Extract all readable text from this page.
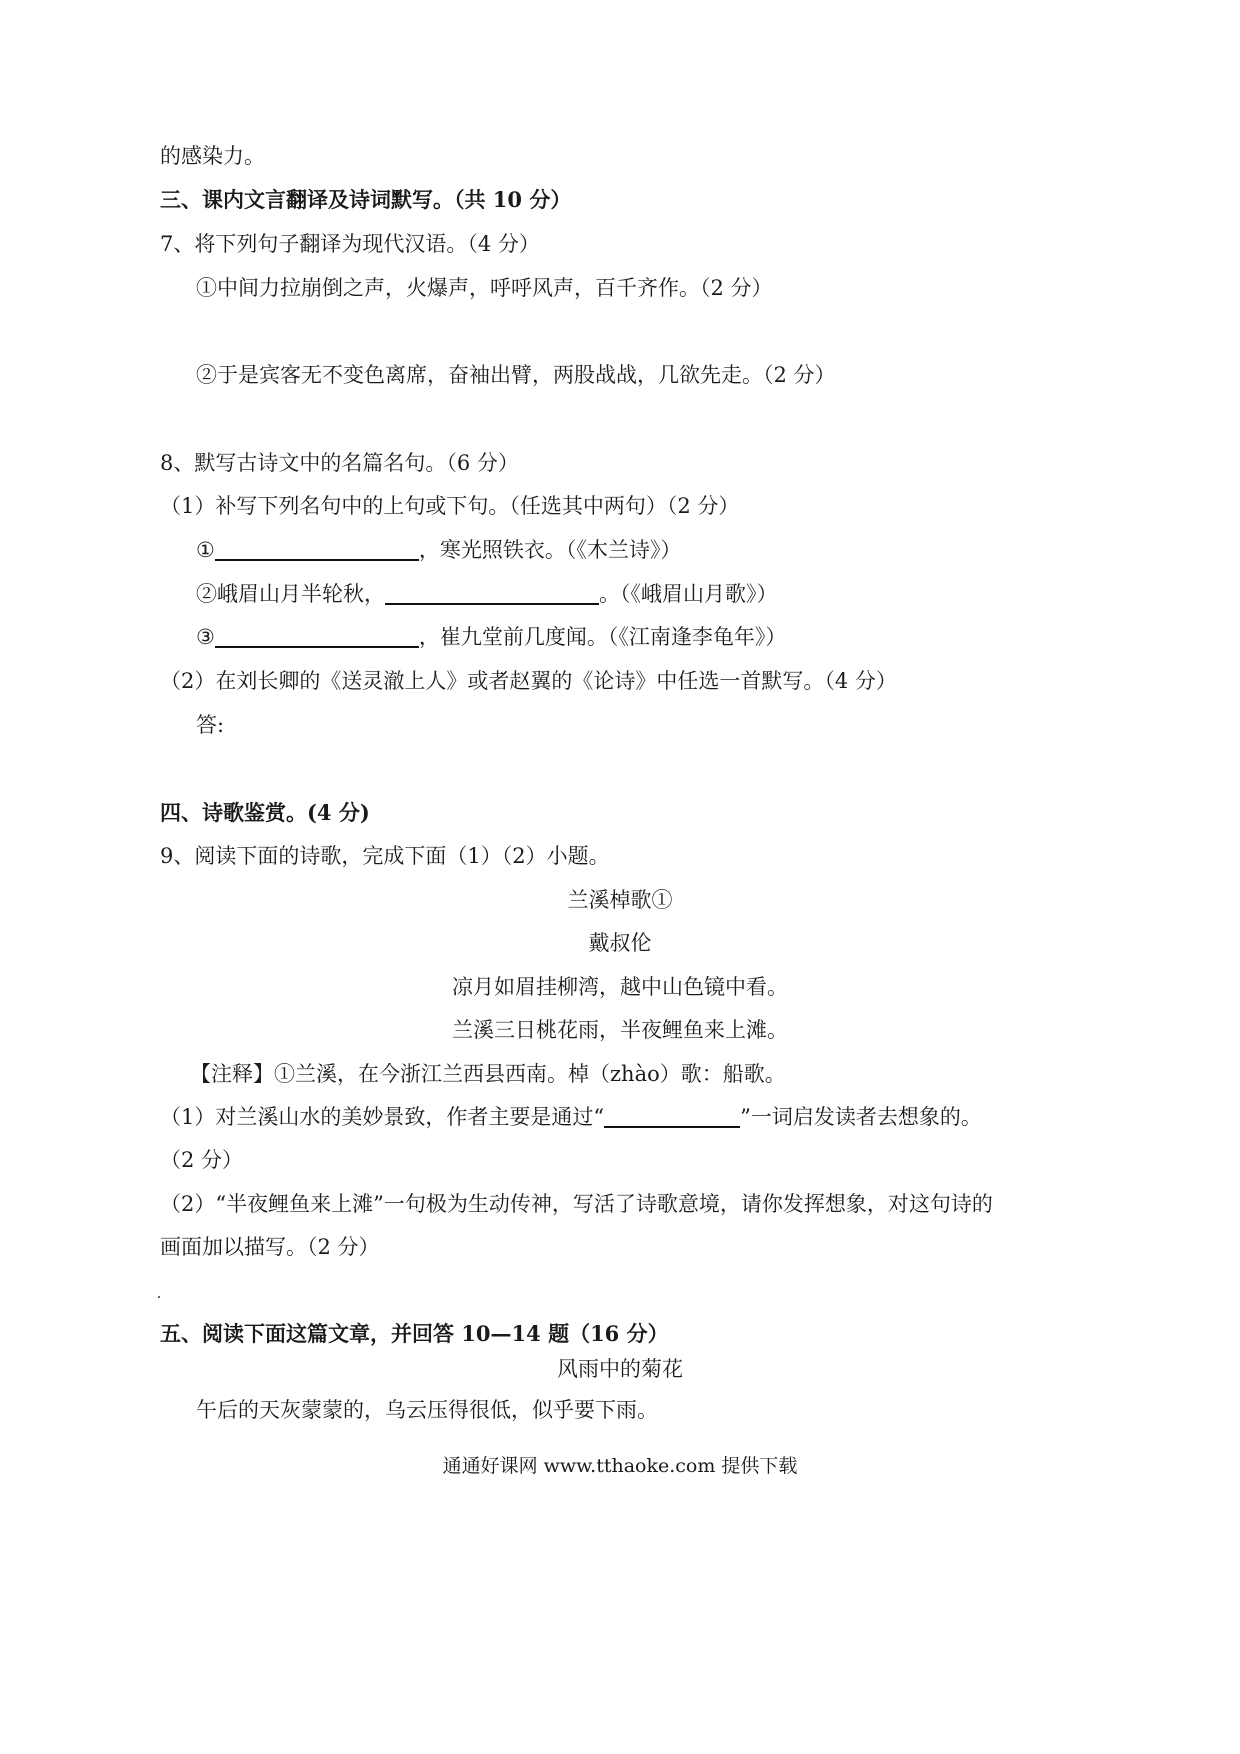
的感染力。
三、课内文言翻译及诗词默写。（共 10 分）
7、将下列句子翻译为现代汉语。（4 分）
①中间力拉崩倒之声，火爆声，呼呼风声，百千齐作。（2 分）
②于是宾客无不变色离席，奋袖出臂，两股战战，几欲先走。（2 分）
8、默写古诗文中的名篇名句。（6 分）
（1）补写下列名句中的上句或下句。（任选其中两句）（2 分）
①	，寒光照铁衣。（《木兰诗》）
②峨眉山月半轮秋，	。（《峨眉山月歌》）
③	，崔九堂前几度闻。（《江南逢李龟年》）
（2）在刘长卿的《送灵澈上人》或者赵翼的《论诗》中任选一首默写。（4 分）
答:
四、诗歌鉴赏。(4 分)
9、阅读下面的诗歌，完成下面（1）（2）小题。
兰溪棹歌①
戴叔伦
凉月如眉挂柳湾，越中山色镜中看。
兰溪三日桃花雨，半夜鲤鱼来上滩。
【注释】①兰溪，在今浙江兰西县西南。棹（zhào）歌：船歌。
（1）对兰溪山水的美妙景致，作者主要是通过“	”一词启发读者去想象的。
（2 分）
（2）“半夜鲤鱼来上滩”一句极为生动传神，写活了诗歌意境，请你发挥想象，对这句诗的
画面加以描写。（2 分）
五、阅读下面这篇文章，并回答 10—14 题（16 分）
风雨中的菊花
午后的天灰蒙蒙的，乌云压得很低，似乎要下雨。
通通好课网 www.tthaoke.com 提供下载
